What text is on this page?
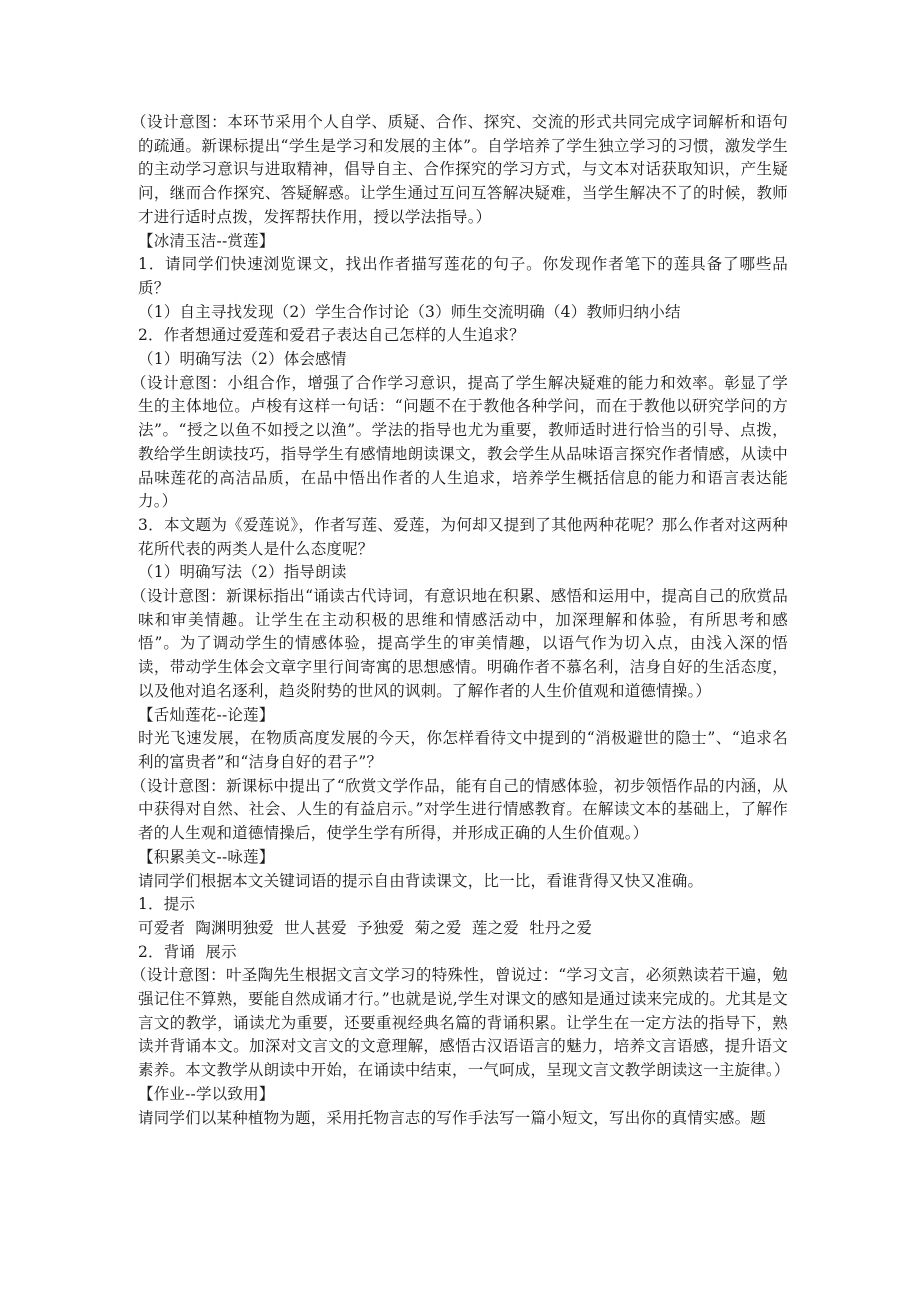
（设计意图：本环节采用个人自学、质疑、合作、探究、交流的形式共同完成字词解析和语句的疏通。新课标提出“学生是学习和发展的主体”。自学培养了学生独立学习的习惯，激发学生的主动学习意识与进取精神，倡导自主、合作探究的学习方式，与文本对话获取知识，产生疑问，继而合作探究、答疑解惑。让学生通过互问互答解决疑难，当学生解决不了的时候，教师才进行适时点拨，发挥帮扶作用，授以学法指导。）

【冰清玉洁--赏莲】

1．请同学们快速浏览课文，找出作者描写莲花的句子。你发现作者笔下的莲具备了哪些品质？

（1）自主寻找发现（2）学生合作讨论（3）师生交流明确（4）教师归纳小结

2．作者想通过爱莲和爱君子表达自己怎样的人生追求？

（1）明确写法（2）体会感情

（设计意图：小组合作，增强了合作学习意识，提高了学生解决疑难的能力和效率。彰显了学生的主体地位。卢梭有这样一句话：“问题不在于教他各种学问，而在于教他以研究学问的方法”。“授之以鱼不如授之以渔”。学法的指导也尤为重要，教师适时进行恰当的引导、点拨，教给学生朗读技巧，指导学生有感情地朗读课文，教会学生从品味语言探究作者情感，从读中品味莲花的高洁品质，在品中悟出作者的人生追求，培养学生概括信息的能力和语言表达能力。）

3．本文题为《爱莲说》，作者写莲、爱莲，为何却又提到了其他两种花呢？那么作者对这两种花所代表的两类人是什么态度呢？

（1）明确写法（2）指导朗读

（设计意图：新课标指出“诵读古代诗词，有意识地在积累、感悟和运用中，提高自己的欣赏品味和审美情趣。让学生在主动积极的思维和情感活动中，加深理解和体验，有所思考和感悟”。为了调动学生的情感体验，提高学生的审美情趣，以语气作为切入点，由浅入深的悟读，带动学生体会文章字里行间寄寓的思想感情。明确作者不慕名利，洁身自好的生活态度，以及他对追名逐利，趋炎附势的世风的讽刺。了解作者的人生价值观和道德情操。）

【舌灿莲花--论莲】

时光飞速发展，在物质高度发展的今天，你怎样看待文中提到的“消极避世的隐士”、“追求名利的富贵者”和“洁身自好的君子”？

（设计意图：新课标中提出了“欣赏文学作品，能有自己的情感体验，初步领悟作品的内涵，从中获得对自然、社会、人生的有益启示。”对学生进行情感教育。在解读文本的基础上，了解作者的人生观和道德情操后，使学生学有所得，并形成正确的人生价值观。）

【积累美文--咏莲】

请同学们根据本文关键词语的提示自由背读课文，比一比，看谁背得又快又准确。

1．提示

可爱者  陶渊明独爱  世人甚爱  予独爱  菊之爱  莲之爱  牡丹之爱

2．背诵  展示

（设计意图：叶圣陶先生根据文言文学习的特殊性，曾说过：“学习文言，必须熟读若干遍，勉强记住不算熟，要能自然成诵才行。”也就是说,学生对课文的感知是通过读来完成的。尤其是文言文的教学，诵读尤为重要，还要重视经典名篇的背诵积累。让学生在一定方法的指导下，熟读并背诵本文。加深对文言文的文意理解，感悟古汉语语言的魅力，培养文言语感，提升语文素养。本文教学从朗读中开始，在诵读中结束，一气呵成，呈现文言文教学朗读这一主旋律。）

【作业--学以致用】

请同学们以某种植物为题，采用托物言志的写作手法写一篇小短文，写出你的真情实感。题
